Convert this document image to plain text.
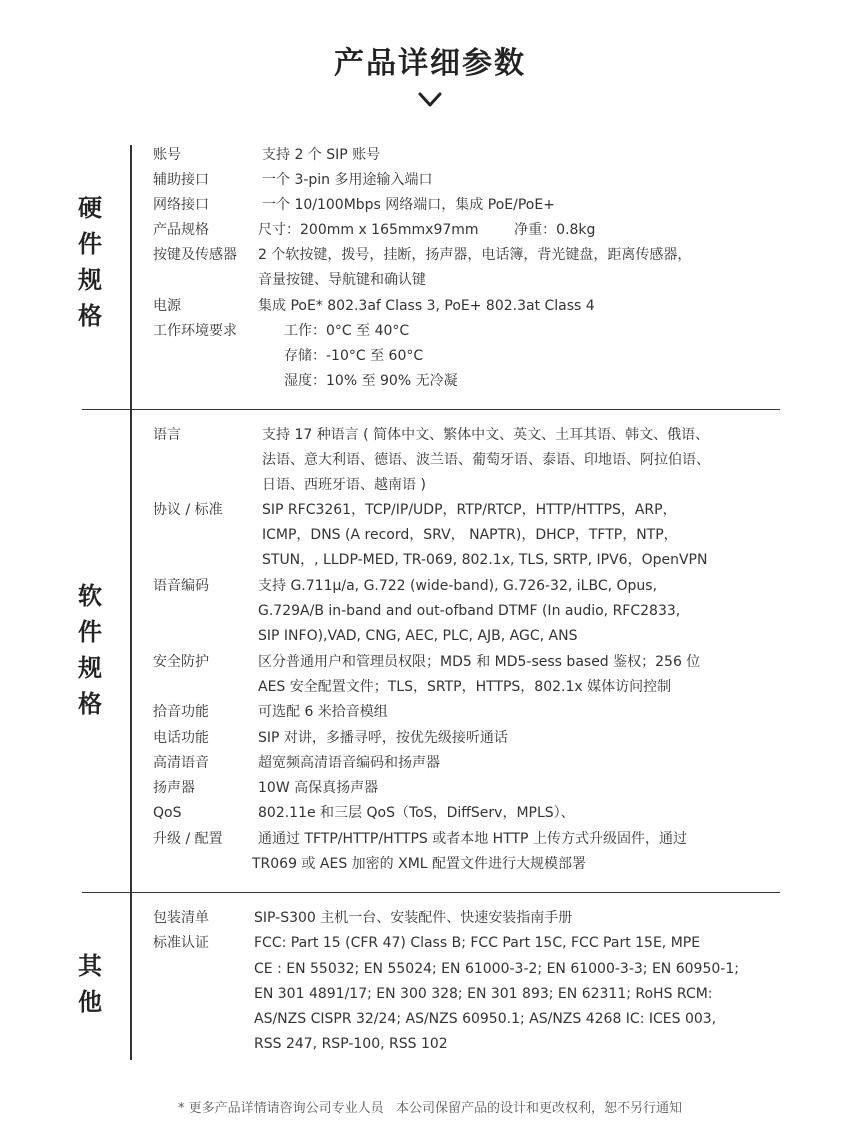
产品详细参数
硬
件
规
格
账号	支持 2 个 SIP 账号
辅助接口	一个 3-pin 多用途输入端口
网络接口	一个 10/100Mbps 网络端口，集成 PoE/PoE+
产品规格	尺寸：200mm x 165mmx97mm        净重：0.8kg
按键及传感器 2 个软按键，拨号，挂断，扬声器，电话簿，背光键盘，距离传感器，
音量按键、导航键和确认键
电源	集成 PoE* 802.3af Class 3, PoE+ 802.3at Class 4
工作环境要求	工作：0°C 至 40°C
存储：-10°C 至 60°C
湿度：10% 至 90% 无冷凝
软
件
规
格
语言	支持 17 种语言 ( 简体中文、繁体中文、英文、土耳其语、韩文、俄语、
法语、意大利语、德语、波兰语、葡萄牙语、泰语、印地语、阿拉伯语、
日语、西班牙语、越南语 )
协议 / 标准	SIP RFC3261，TCP/IP/UDP，RTP/RTCP，HTTP/HTTPS，ARP，
ICMP，DNS (A record，SRV， NAPTR)，DHCP，TFTP，NTP，
STUN，, LLDP-MED, TR-069, 802.1x, TLS, SRTP, IPV6，OpenVPN
语音编码	支持 G.711μ/a, G.722 (wide-band), G.726-32, iLBC, Opus,
G.729A/B in-band and out-ofband DTMF (In audio, RFC2833,
SIP INFO),VAD, CNG, AEC, PLC, AJB, AGC, ANS
安全防护	区分普通用户和管理员权限；MD5 和 MD5-sess based 鉴权；256 位
AES 安全配置文件；TLS，SRTP，HTTPS，802.1x 媒体访问控制
拾音功能	可选配 6 米拾音模组
电话功能	SIP 对讲，多播寻呼，按优先级接听通话
高清语音	超宽频高清语音编码和扬声器
扬声器	10W 高保真扬声器
QoS	802.11e 和三层 QoS（ToS，DiffServ，MPLS）、
升级 / 配置	通通过 TFTP/HTTP/HTTPS 或者本地 HTTP 上传方式升级固件，通过
TR069 或 AES 加密的 XML 配置文件进行大规模部署
其
他
包装清单	SIP-S300 主机一台、安装配件、快速安装指南手册
标准认证	FCC: Part 15 (CFR 47) Class B; FCC Part 15C, FCC Part 15E, MPE
CE : EN 55032; EN 55024; EN 61000-3-2; EN 61000-3-3; EN 60950-1;
EN 301 4891/17; EN 300 328; EN 301 893; EN 62311; RoHS RCM:
AS/NZS CISPR 32/24; AS/NZS 60950.1; AS/NZS 4268 IC: ICES 003,
RSS 247, RSP-100, RSS 102
* 更多产品详情请咨询公司专业人员   本公司保留产品的设计和更改权利，恕不另行通知
